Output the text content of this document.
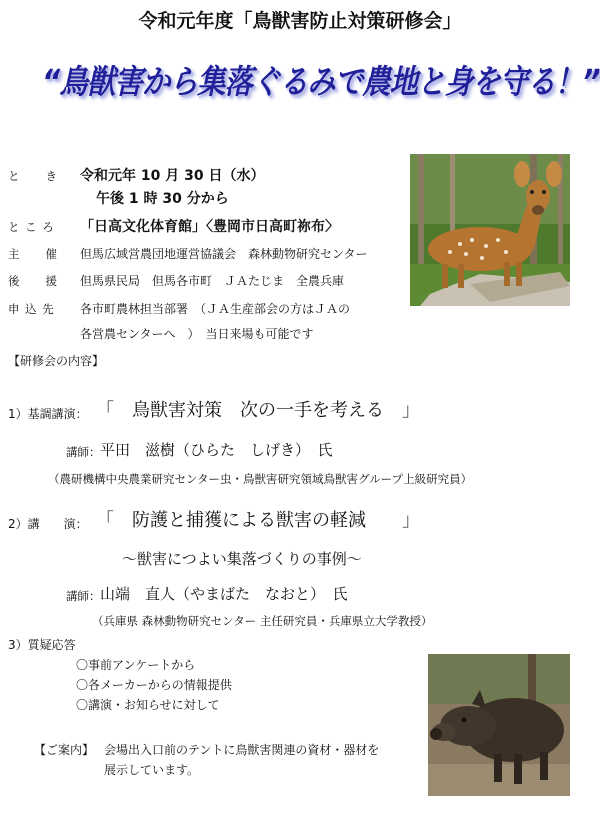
令和元年度「鳥獣害防止対策研修会」
“鳥獣害から集落ぐるみで農地と身を守る！”
と　　き 令和元年 10 月 30 日（水）
午後 1 時 30 分から
と こ ろ 「日高文化体育館」〈豊岡市日高町祢布〉
主　　催 但馬広域営農団地運営協議会　森林動物研究センター
後　　援 但馬県民局　但馬各市町　ＪＡたじま　全農兵庫
申 込 先 各市町農林担当部署　（ＪＡ生産部会の方はＪＡの
各営農センターへ　）　当日来場も可能です
【研修会の内容】
1）基調講演： 「　鳥獣害対策　次の一手を考える　」
講師： 平田　滋樹（ひらた　しげき）　氏
（農研機構中央農業研究センター虫・鳥獣害研究領域鳥獣害グループ上級研究員）
2）講　　演： 「　防護と捕獲による獣害の軽減　　」
～獣害につよい集落づくりの事例～
講師： 山端　直人（やまばた　なおと）　氏
（兵庫県 森林動物研究センター 主任研究員・兵庫県立大学教授）
3）質疑応答
〇事前アンケートから
〇各メーカーからの情報提供
〇講演・お知らせに対して
【ご案内】 会場出入口前のテントに鳥獣害関連の資材・器材を
展示しています。
